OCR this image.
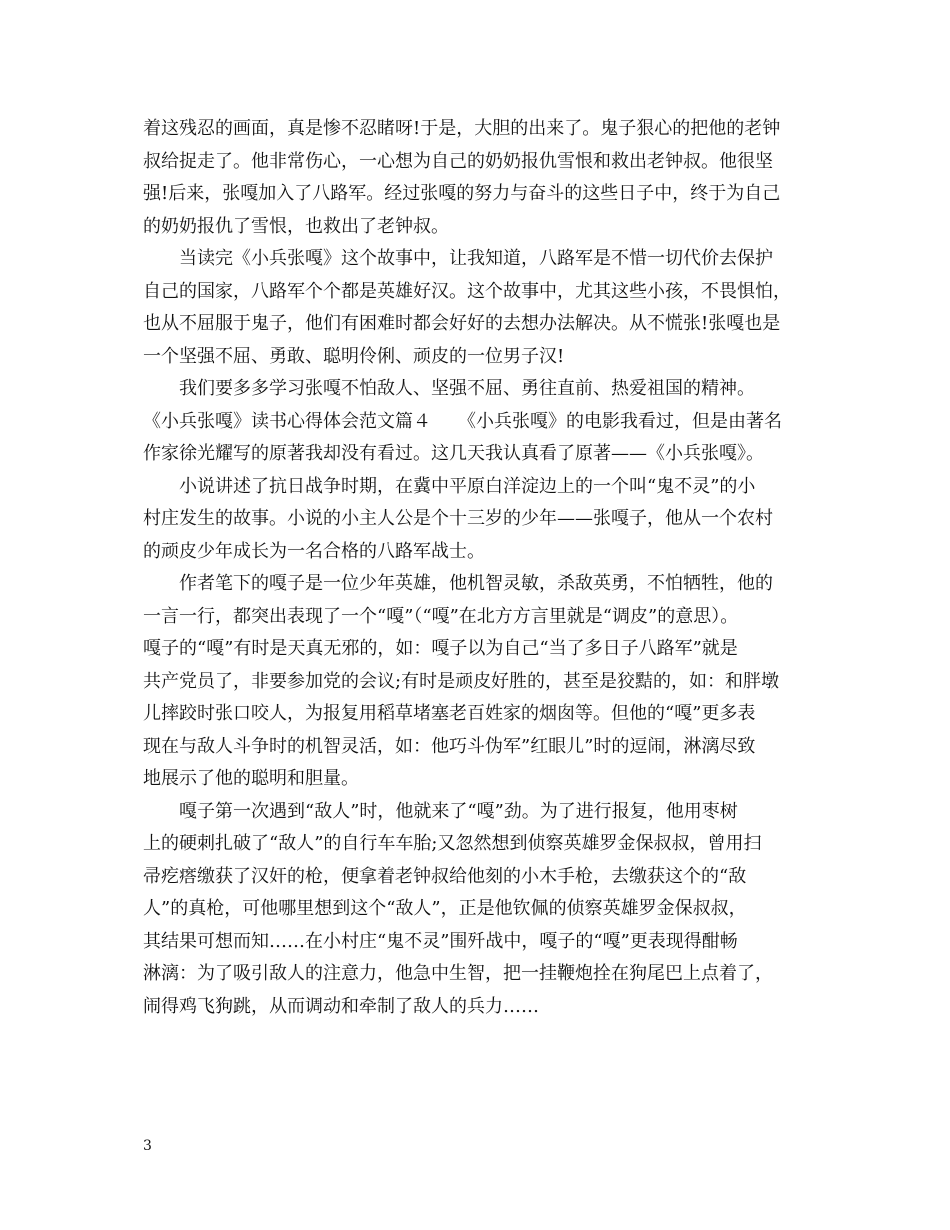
着这残忍的画面，真是惨不忍睹呀!于是，大胆的出来了。鬼子狠心的把他的老钟
叔给捉走了。他非常伤心，一心想为自己的奶奶报仇雪恨和救出老钟叔。他很坚
强!后来，张嘎加入了八路军。经过张嘎的努力与奋斗的这些日子中，终于为自己
的奶奶报仇了雪恨，也救出了老钟叔。
当读完《小兵张嘎》这个故事中，让我知道，八路军是不惜一切代价去保护
自己的国家，八路军个个都是英雄好汉。这个故事中，尤其这些小孩，不畏惧怕，
也从不屈服于鬼子，他们有困难时都会好好的去想办法解决。从不慌张!张嘎也是
一个坚强不屈、勇敢、聪明伶俐、顽皮的一位男子汉!
我们要多多学习张嘎不怕敌人、坚强不屈、勇往直前、热爱祖国的精神。
《小兵张嘎》读书心得体会范文篇４　　《小兵张嘎》的电影我看过，但是由著名
作家徐光耀写的原著我却没有看过。这几天我认真看了原著——《小兵张嘎》。
小说讲述了抗日战争时期，在冀中平原白洋淀边上的一个叫“鬼不灵”的小
村庄发生的故事。小说的小主人公是个十三岁的少年——张嘎子，他从一个农村
的顽皮少年成长为一名合格的八路军战士。
作者笔下的嘎子是一位少年英雄，他机智灵敏，杀敌英勇，不怕牺牲，他的
一言一行，都突出表现了一个“嘎”（“嘎”在北方方言里就是“调皮”的意思）。
嘎子的“嘎”有时是天真无邪的，如：嘎子以为自己“当了多日子八路军”就是
共产党员了，非要参加党的会议;有时是顽皮好胜的，甚至是狡黠的，如：和胖墩
儿摔跤时张口咬人，为报复用稻草堵塞老百姓家的烟囱等。但他的“嘎”更多表
现在与敌人斗争时的机智灵活，如：他巧斗伪军”红眼儿”时的逗闹，淋漓尽致
地展示了他的聪明和胆量。
嘎子第一次遇到“敌人”时，他就来了“嘎”劲。为了进行报复，他用枣树
上的硬刺扎破了“敌人”的自行车车胎;又忽然想到侦察英雄罗金保叔叔，曾用扫
帚疙瘩缴获了汉奸的枪，便拿着老钟叔给他刻的小木手枪，去缴获这个的“敌
人”的真枪，可他哪里想到这个“敌人”，正是他钦佩的侦察英雄罗金保叔叔，
其结果可想而知……在小村庄“鬼不灵”围歼战中，嘎子的“嘎”更表现得酣畅
淋漓：为了吸引敌人的注意力，他急中生智，把一挂鞭炮拴在狗尾巴上点着了，
闹得鸡飞狗跳，从而调动和牵制了敌人的兵力……
3
